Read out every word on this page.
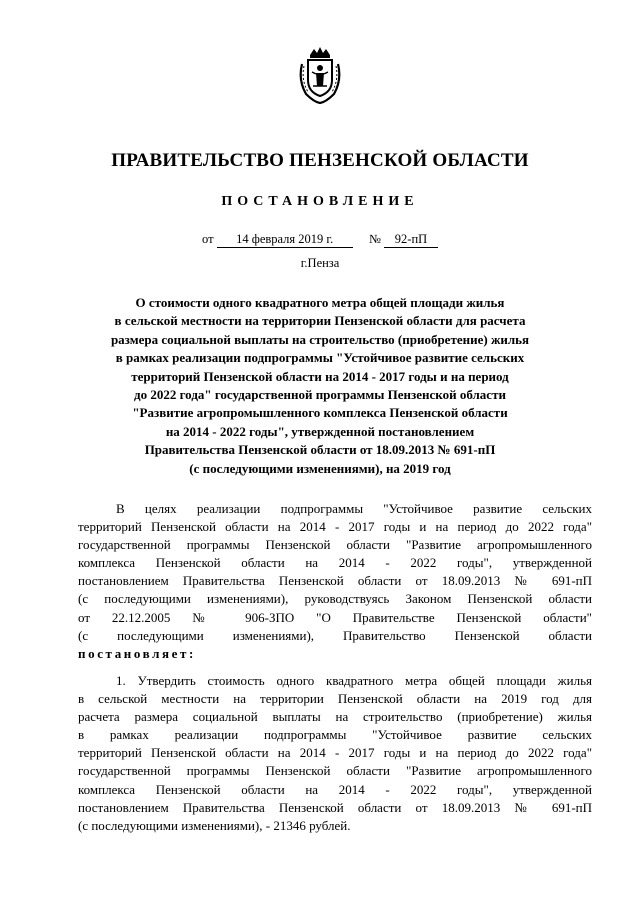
ПРАВИТЕЛЬСТВО ПЕНЗЕНСКОЙ ОБЛАСТИ
ПОСТАНОВЛЕНИЕ
от 14 февраля 2019 г.	№ 92-пП
г.Пенза
О стоимости одного квадратного метра общей площади жилья
в сельской местности на территории Пензенской области для расчета
размера социальной выплаты на строительство (приобретение) жилья
в рамках реализации подпрограммы "Устойчивое развитие сельских
территорий Пензенской области на 2014 - 2017 годы и на период
до 2022 года" государственной программы Пензенской области
"Развитие агропромышленного комплекса Пензенской области
на 2014 - 2022 годы", утвержденной постановлением
Правительства Пензенской области от 18.09.2013 № 691-пП
(с последующими изменениями), на 2019 год
В целях реализации подпрограммы "Устойчивое развитие сельских
территорий Пензенской области на 2014 - 2017 годы и на период до 2022 года"
государственной программы Пензенской области "Развитие агропромышленного
комплекса Пензенской области на 2014 - 2022 годы", утвержденной
постановлением Правительства Пензенской области от 18.09.2013 № 691-пП
(с последующими изменениями), руководствуясь Законом Пензенской области
от 22.12.2005 № 906-ЗПО "О Правительстве Пензенской области"
(с последующими изменениями), Правительство Пензенской области
постановляет:
1. Утвердить стоимость одного квадратного метра общей площади жилья
в сельской местности на территории Пензенской области на 2019 год для
расчета размера социальной выплаты на строительство (приобретение) жилья
в рамках реализации подпрограммы "Устойчивое развитие сельских
территорий Пензенской области на 2014 - 2017 годы и на период до 2022 года"
государственной программы Пензенской области "Развитие агропромышленного
комплекса Пензенской области на 2014 - 2022 годы", утвержденной
постановлением Правительства Пензенской области от 18.09.2013 № 691-пП
(с последующими изменениями), - 21346 рублей.
